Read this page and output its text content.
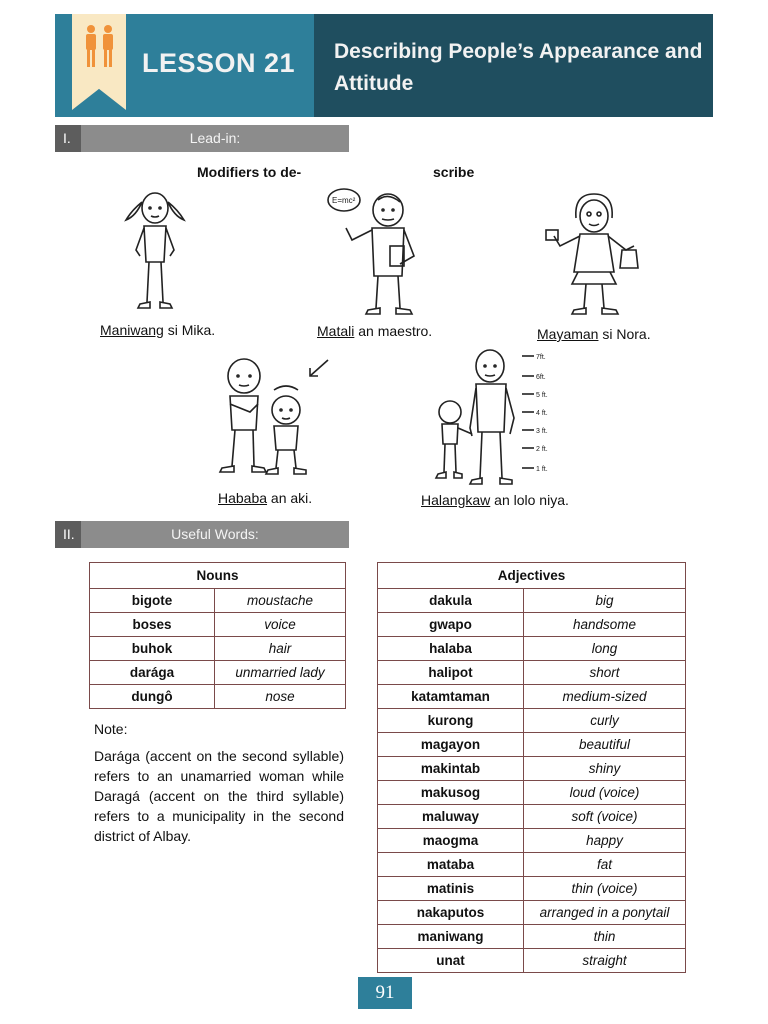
LESSON 21 Describing People’s Appearance and Attitude
I.	Lead-in:
Modifiers to de-	scribe
E=mc²
7ft.
6ft.
5 ft.
4 ft.
3 ft.
2 ft.
1 ft.
Maniwang si Mika.	Matali an maestro.	Mayaman si Nora.
Hababa an aki.	Halangkaw an lolo niya.
II.	Useful Words:
Nouns	
bigote	moustache
boses	voice
buhok	hair
darága	unmarried lady
dungô	nose
Note:
Darága (accent on the second syllable) refers to an unamarried woman while Daragá (accent on the third syllable) refers to a municipality in the second district of Albay.
Adjectives	
dakula	big
gwapo	handsome
halaba	long
halipot	short
katamtaman	medium-sized
kurong	curly
magayon	beautiful
makintab	shiny
makusog	loud (voice)
maluway	soft (voice)
maogma	happy
mataba	fat
matinis	thin (voice)
nakaputos	arranged in a ponytail
maniwang	thin
unat	straight
91
